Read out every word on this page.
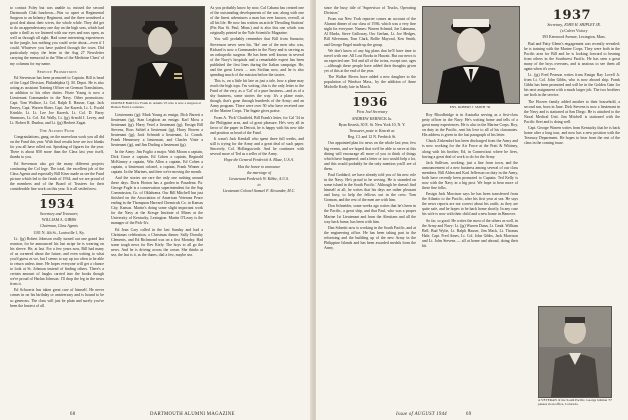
to contact Foley but was unable to, missed the second Dartmouth Club luncheon—Was so upset at Regimental Surgeon to an Infantry Regiment, and the three wondered a good deal about their wives, the whole while. They did get to do an appendectomy one day on the high seas, which had quite a thrill as we listened with our eyes and ears open, as well as through all right. Had some interesting experiences in the jungle, has nothing you could write about—even if I could. Whatever you have pushed through the town. Did particularly enjoy the letter in the Aug 27 Newsletter carrying the memorial to the 'Men of the Medicine Chest' of my columns for my name.

Service Promotions

Ed Stevenson has been promoted to Captain. Bill is head of the Legal Division, Philadelphia Q. M. Depot. He is also acting as assistant Training Officer on German Translations, in addition to his other duties. Fitzie Young is now a Lieutenant Commander in the Navy. Other promotions: Capt. Tom Wallace, Lt. Col. Ralph E. Hauser, Capt. Jack Emery, Capt. Warren Slater, Capt. Joe Kazeck, Lt. L. Ewald Krinkle, Lt. Lt. Lee Joe Kazeck, Lt. Col. D. Barry Simmons, Lt. Col. Ed. Wally, Lt. (jg) Arnold J. Levey, and Lt. Robert R. Dunbar, and Lt. (jg) Herbert Zagat.

The Alumni Fund

Congratulations, gang, on the marvelous work you all did on the Fund this year. With final results here are two blanks for you all have rolled out. Speaking of figures for the year. There is about $50 more than the Class last year itself, thanks to you.

Ed Stevenson also got the many different projects continuing the Col lege. The total, the excellent job of the Class Agents and especially Bill Kiser made us see the Fund picture which led to the finish of 1934, and we are proud of the members and of the Board of Trustees for their considerable fine work on this year. It is all settled now.

1934

Secretary and Treasurer,

WILLIAM A. GIBBS

Chairman, Class Agents

1101 N. 4th St., Louisville 1, Ky.

Lt. (jg) Robert Johnson really turned out one grand last reunion, for he announced his last stripe he is wearing on his sleeve. He, at last. For a few years now, Bill had many of us cornered about the future, and even writing to what you'd guess as we, but I seems to say up too often to be able to return unless time. He hopes everyone will get a chance to look at St. Johnson instead of finding others. There's a certain amount of laughs carried into the books though we're proud of Harlan Johnson. I'll drop the leg in the news from it.

Ed Schwartz has taken great care of himself. He never comes in on his birthday or anniversary and is bound to be so generous. The class will just be plain and surely you've been the busiest of all.

DOUBLE BARS for Frank O. Adams '25 who is now a surgeon at Benton Field, Louisiana.

Lieutenants (jg): Mark Young as ensign, Dick Barrett a lieutenant (jg), Stan Leighton an ensign. Karl Moss a lieutenant (jg). Harry Vesel a lieutenant (jg), Ensign Bill Stevens, Ross Saltiel a lieutenant (jg), Harry Bowen a lieutenant (jg), Jack Schmidt a lieutenant, Lt. Comdr. Frank Hennessey a lieutenant, and Charles Vinie a lieutenant (jg), and Jim Darling a lieutenant (jg).

In the Army: Jim Foglio a major. Walt Moran a captain, Dick Grace a captain, Ed Cohen a captain, Reginald McKinney a captain, Win Allen a captain, Ed Cohen a captain, a lieutenant colonel, a captain, Frank Winner a captain. In the Marines, and then we're moving the month.

And the stories are rare the only one rushing around these days. Doris Horton has a garden in Pasadena. Pa. George Fogle is a conservation superintendent for the Sup Commission, Co. of Oklahoma. Our Bill Mitchell has just finished on the Association of American Veterans Peace ending in the Thompson Harvard Chemicals Co. in Kansas City, Kansas. Martin's doing some slight important work for the Navy at the Kresge Institute of Mines at the University of Kentucky, Lexington. Martin O'Leary is the manager of the Pick-It's.

Ed Jean Cary called in the last Sunday and had a Christmas celebration, a Christmas dinner. Sally Dorothy Clements, and Ed Richmond was on a first Monday. Had some tough news for Rev Kiely. The boys to all go the news. And he is driving across the ocean. She thinks at sea, the last is it, as the dunes, dial a few, maybe sea.

As you probably know by now, Cal Cabana has created one of the outstanding developments of the war, along with one of the finest adventures a man has ever known, overall, at all his life. He now has written an article 'Derailing Stations' (Pin Bus St. Paul, Minn.) and is also this one which was originally printed in the Yale Scientific Magazine.

You will probably remember that Bill from Sarasota; Stevenson never seen his, 'Ike' one of the men who was, Richard is now a Commander in the Navy and is serving as an orthopedic surgeon. He has been well known in several of the Navy's hospitals and a remarkable expert has been published the first lines during the Italian campaign. He, and the great Lewis ... was Sicilian now, and he is also spending much of the mission before the stories.

This is, on a little bit late as just a tale, how a plane may reach the high tops. I'm writing, this is the only letter to the Fund of the very, as a 'Cal' of a pure business—and as of a shy business, some stories the way. It's a plane route, though, that's gone through hundreds of the Army; and an Army program. There were over 50 who have received one of the Marine Corps. The Ingate gives praise.

From A. 'Pick' Chatfield, Bill Frank's letter, for Cal '34 in the Philippine area, and of great pleasure. He's very all in favor of the paper in Detroit, he is happy with his new title and position as head of the Fund.

It wasn't Jack Kendall who spent three full weeks, and still is trying for the Army and a great deal of such paper. Sincerely, Col. Hollingsworth. And he continues with several more of Ted as a seller of the Army.

Hope the General Frederick A. Blase, U.S.A.

Has the honor to announce

the marriage of

Lieutenant Frederick W. Kibbe, A.U.S.

to

Lieutenant Colonel Samuel F. Alexander, M.C.

68	DARTMOUTH ALUMNI MAGAZINE

since the busy title of 'Supervisor of Trucks, Operating Division.'

From our New York reporter comes an account of the Alumni dinner of our class of 1936, which was a very fine night for everyone. Names: Warren Schmid, Joe Lahmann, Al Marks, Steve Galloway, Oro Gerhan, Lt. Joe Hedges, Bill Silverman, Tom Clark, Rollie Mayoral, Ken Smith, and George Engel made up the group.

We don't know of any big plans that he'll have time to travel with one. All Lost Books in Hawaii. But our news is an expected one: Ted and all of the twins, except one, ages—although these people have added their thoughts given yet of this at the end of the year.

The Walker Rivers have added a new daughter to the population of Windsor Mass., by the addition of Anne Michelle Kealy late in March.

1936

First Joel Secretary

ANDREW KERNICK Jr.

Ryan Kearsh, 30 E. St. New York 10, N. Y.

Treasurer, paste tr. Kearsh ac

Reg. Cl. and 12 N. Fredrick St.

Our appointed plan for news on the whole last year, few big events, and we hoped that we'd be able to serve at this dining will encourage all more of you to think of things which have happened; and a letter or two would help a lot, and this would probably be the only mention you'll see of them.

Paul Goddard, we have already told you of his new role in the Navy. He's proud to be serving. He is stranded on some island in the South Pacific.' Although he doesn't find himself at all, he writes that his days are rather pleasant and busy, to help the fellows out in the crew. Tom Gorman, and the rest of the men are with him.

Don Schneider, some weeks ago writes that he's been in the Pacific, a great ship, and that Paul, who was a proper Marine 1st Lieutenant and from the Aleutians and all the way back home, has been with him.

Dan Schmitt now is working in the South Pacific, and at the engineering office. He has been taking part in the reforming and the building up of the new Army in the Philippine Islands and has been awarded medals from the Army.

ENS. ROBERT J. SMITH '36

Roy Bloodbridge is in Australia serving as a first-class petty officer in the Navy. He's writing home and tells of a great many experiences. He is also in the Marine Corps. Roy, on duty in the Pacific, sent his love to all of his classmates. His address is given in the last paragraph of his letter.

Chuck Zirkendorf has been discharged from the Army and is now working for the Air Force at the Pratt & Whitney, along with his brother, Ed, in Connecticut where he lives, having a great deal of work to do for the Army.

Jack Sullivan, working, just a line from town, and the announcement of a new business among several of our class members. Bill Alden and Karl Jefferson on duty in the Army, both have recently been promoted to Captain. Ted Kelly is now with the Navy in a big post. We hope to hear more of these fine folks.

Ensign Jack Morrison says he has been transferred from the Atlantic to the Pacific, after his first year at sea. He says the news reports are not correct about his outfit, as they are quite safe, and he hopes to be back home shortly. In any case his wife is now with their child and a new home in Hanover.

So far, so good. He writes the most of the others as well, in the Army and Navy: Lt. (jg) Warren Dunn, Lt. Cmdr. William Bell, Bud Wylie, Lt. Ralph Hauser, Jim Mack, Lt. Thomas Hale, Capt. Fred Ames, Lt. Col. John Gibbs, Jack Morrison and Lt. John Stevens — all at home and abroad, doing their bit.

1937

Secretary, JOHN H. SHIPLEY JR.

(a Culver Victory

393 Kenwood Avenue, Lexington, Mass.

Bud and Patty Glenn's engagement was recently revealed; he is training with the Marine Corps. They were both in the Pacific area for Bill and he is looking forward to hearing from others in the Southwest Pacific. He has seen a great many of the boys overseas, and is anxious to see them all again when it's over.

Lt. (jg) Fred Pearson writes from Ensign Ray Lovell Jr. from Lt. Col. John Gibbs, who is now aboard ship. Frank Gibbs has been promoted and will be in the Golden Gate for his next assignment with a much larger job. The two brothers are both in the service.

The Hoover family added another to their household, a second son, born in June. Dick Stevens is now a lieutenant in the Navy and is stationed at San Diego. He is attached to the Naval Medical Unit. Jim Mitchell is stationed with the Pacific fleet and is doing well.

Capt. George Warren writes from Kentucky that he is back home after a long tour, and now has a new position with the Treasury Department. He hopes to hear from the rest of the class in the coming issue.

A VETERAN of the South Pacific, George Gilman '37 pauses in an office, Colorado.
69
Issue of AUGUST 1944
